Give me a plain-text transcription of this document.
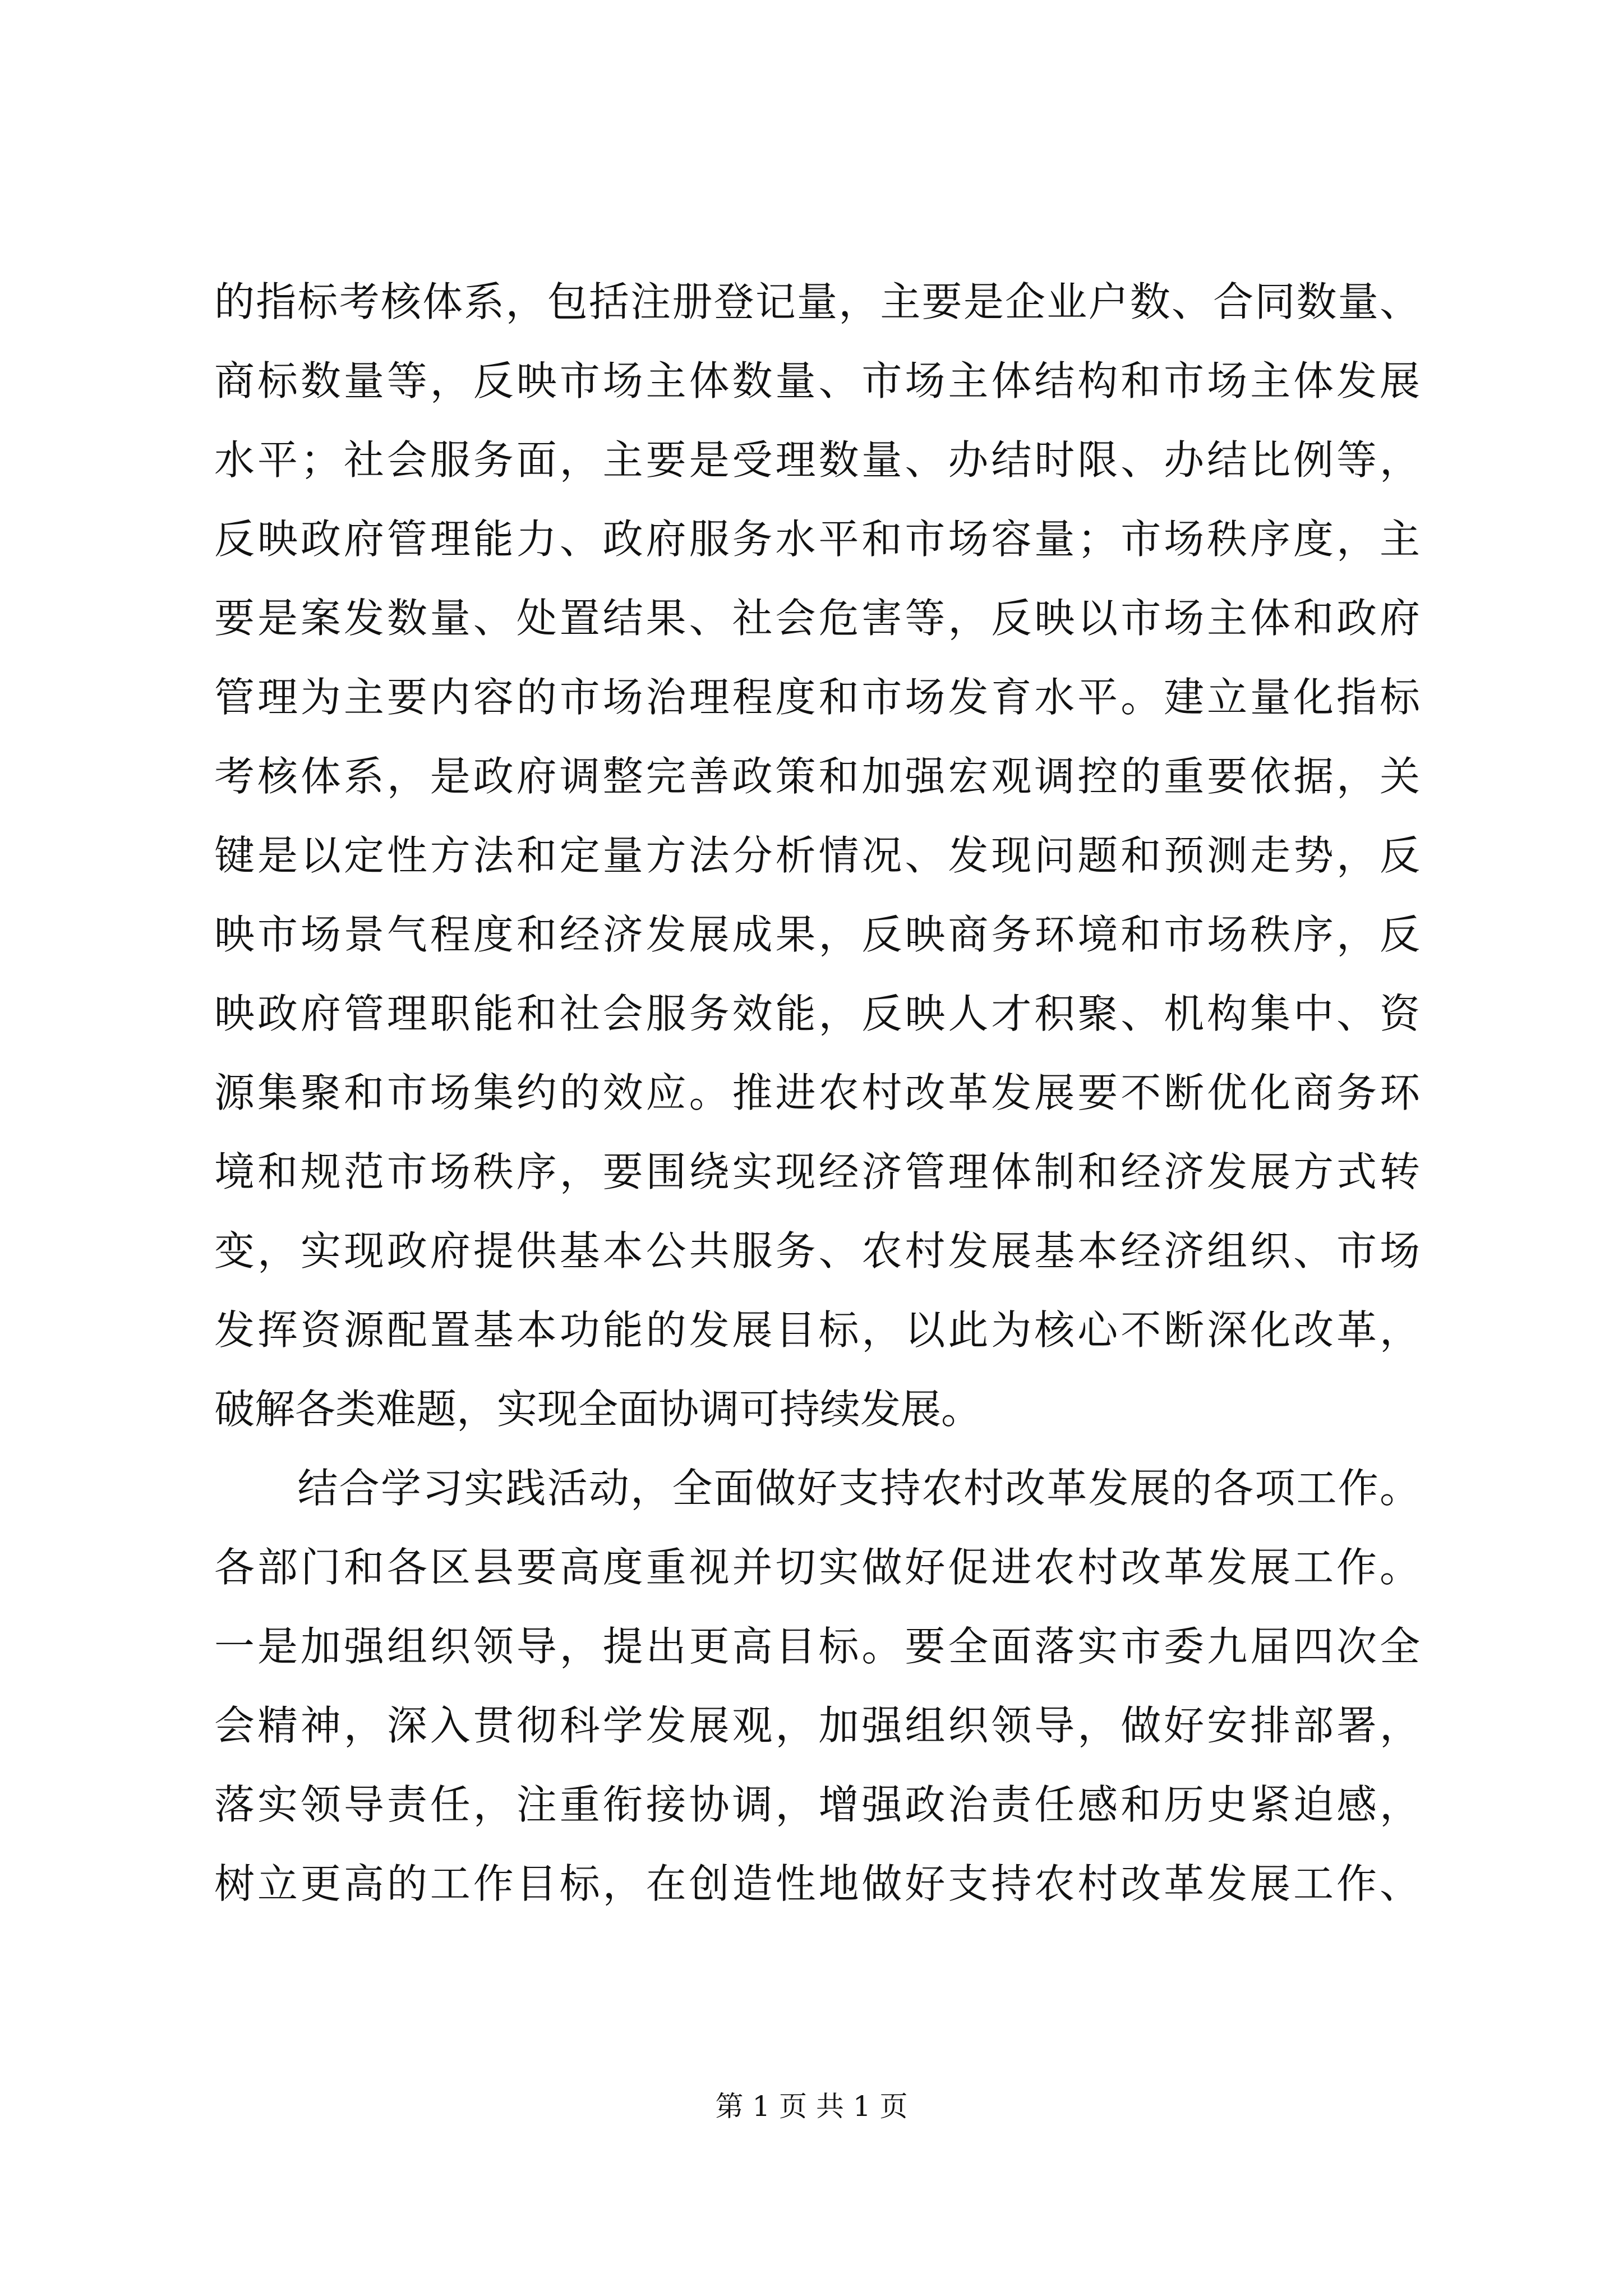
的指标考核体系，包括注册登记量，主要是企业户数、合同数量、
商标数量等，反映市场主体数量、市场主体结构和市场主体发展
水平；社会服务面，主要是受理数量、办结时限、办结比例等，
反映政府管理能力、政府服务水平和市场容量；市场秩序度，主
要是案发数量、处置结果、社会危害等，反映以市场主体和政府
管理为主要内容的市场治理程度和市场发育水平。建立量化指标
考核体系，是政府调整完善政策和加强宏观调控的重要依据，关
键是以定性方法和定量方法分析情况、发现问题和预测走势，反
映市场景气程度和经济发展成果，反映商务环境和市场秩序，反
映政府管理职能和社会服务效能，反映人才积聚、机构集中、资
源集聚和市场集约的效应。推进农村改革发展要不断优化商务环
境和规范市场秩序，要围绕实现经济管理体制和经济发展方式转
变，实现政府提供基本公共服务、农村发展基本经济组织、市场
发挥资源配置基本功能的发展目标，以此为核心不断深化改革，
破解各类难题，实现全面协调可持续发展。
　　结合学习实践活动，全面做好支持农村改革发展的各项工作。
各部门和各区县要高度重视并切实做好促进农村改革发展工作。
一是加强组织领导，提出更高目标。要全面落实市委九届四次全
会精神，深入贯彻科学发展观，加强组织领导，做好安排部署，
落实领导责任，注重衔接协调，增强政治责任感和历史紧迫感，
树立更高的工作目标，在创造性地做好支持农村改革发展工作、
第 1 页 共 1 页
